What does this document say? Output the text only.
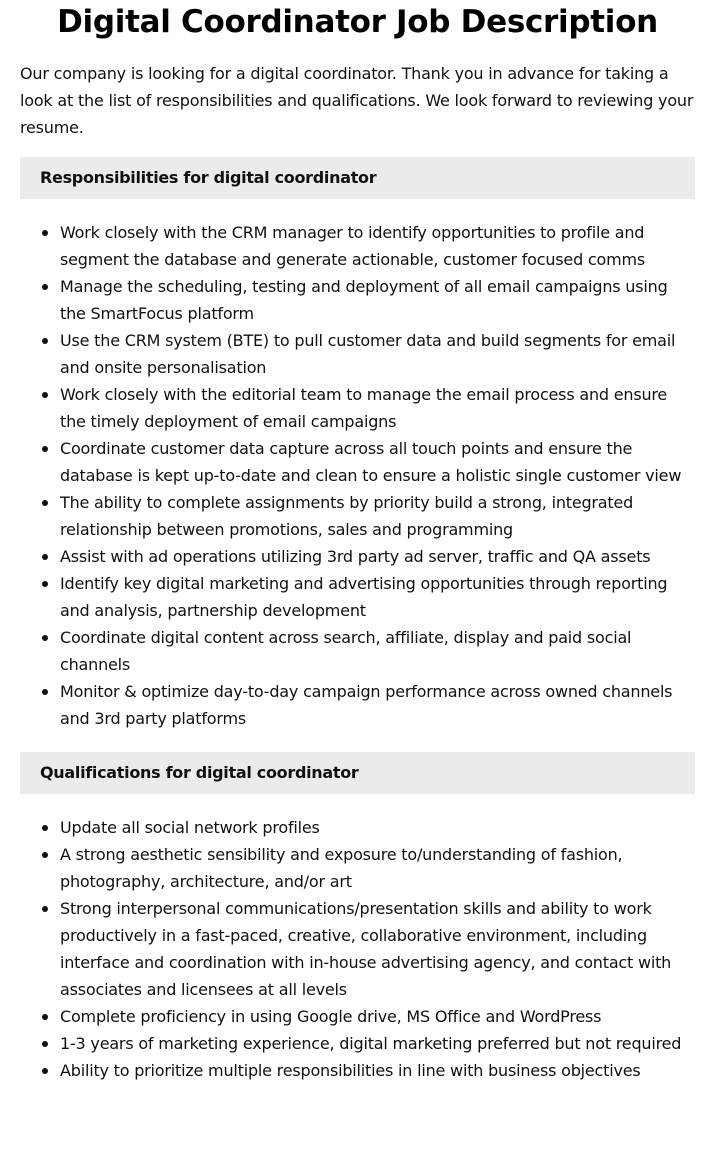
Digital Coordinator Job Description

Our company is looking for a digital coordinator. Thank you in advance for taking a look at the list of responsibilities and qualifications. We look forward to reviewing your resume.

Responsibilities for digital coordinator
Work closely with the CRM manager to identify opportunities to profile and segment the database and generate actionable, customer focused comms
Manage the scheduling, testing and deployment of all email campaigns using the SmartFocus platform
Use the CRM system (BTE) to pull customer data and build segments for email and onsite personalisation
Work closely with the editorial team to manage the email process and ensure the timely deployment of email campaigns
Coordinate customer data capture across all touch points and ensure the database is kept up-to-date and clean to ensure a holistic single customer view
The ability to complete assignments by priority build a strong, integrated relationship between promotions, sales and programming
Assist with ad operations utilizing 3rd party ad server, traffic and QA assets
Identify key digital marketing and advertising opportunities through reporting and analysis, partnership development
Coordinate digital content across search, affiliate, display and paid social channels
Monitor & optimize day-to-day campaign performance across owned channels and 3rd party platforms
Qualifications for digital coordinator
Update all social network profiles
A strong aesthetic sensibility and exposure to/understanding of fashion, photography, architecture, and/or art
Strong interpersonal communications/presentation skills and ability to work productively in a fast-paced, creative, collaborative environment, including interface and coordination with in-house advertising agency, and contact with associates and licensees at all levels
Complete proficiency in using Google drive, MS Office and WordPress
1-3 years of marketing experience, digital marketing preferred but not required
Ability to prioritize multiple responsibilities in line with business objectives
